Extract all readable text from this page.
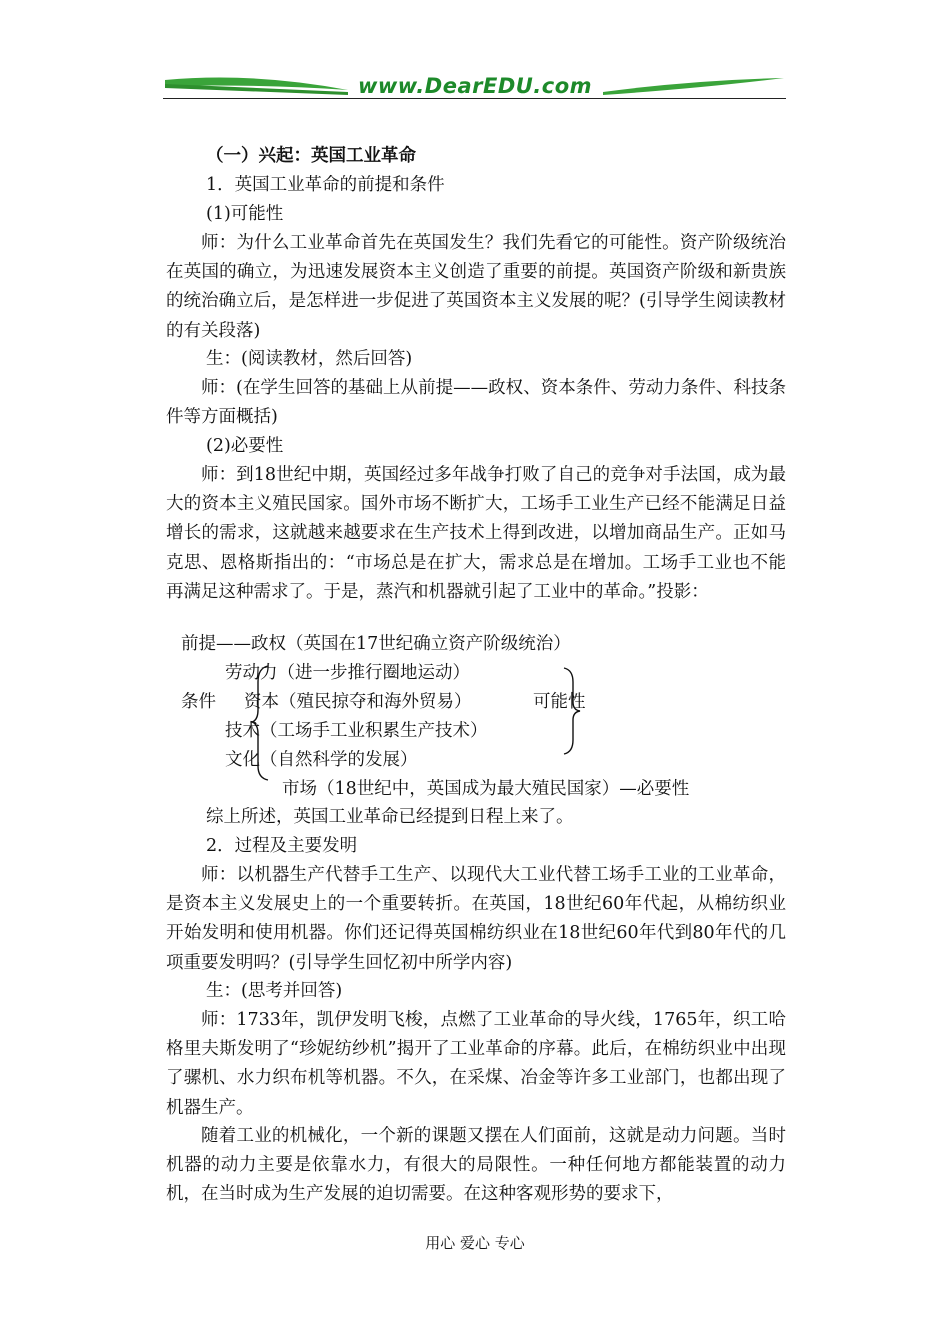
www.DearEDU.com
（一）兴起：英国工业革命
1．英国工业革命的前提和条件
(1)可能性
师：为什么工业革命首先在英国发生？我们先看它的可能性。资产阶级统治在英国的确立，为迅速发展资本主义创造了重要的前提。英国资产阶级和新贵族的统治确立后，是怎样进一步促进了英国资本主义发展的呢？(引导学生阅读教材的有关段落)
生：(阅读教材，然后回答)
师：(在学生回答的基础上从前提——政权、资本条件、劳动力条件、科技条件等方面概括)
(2)必要性
师：到18世纪中期，英国经过多年战争打败了自己的竞争对手法国，成为最大的资本主义殖民国家。国外市场不断扩大，工场手工业生产已经不能满足日益增长的需求，这就越来越要求在生产技术上得到改进，以增加商品生产。正如马克思、恩格斯指出的：“市场总是在扩大，需求总是在增加。工场手工业也不能再满足这种需求了。于是，蒸汽和机器就引起了工业中的革命。”投影：
前提——政权（英国在17世纪确立资产阶级统治）
劳动力（进一步推行圈地运动）
条件 资本（殖民掠夺和海外贸易）	可能性
技术（工场手工业积累生产技术）
文化（自然科学的发展）
市场（18世纪中，英国成为最大殖民国家）—必要性
综上所述，英国工业革命已经提到日程上来了。
2．过程及主要发明
师：以机器生产代替手工生产、以现代大工业代替工场手工业的工业革命，是资本主义发展史上的一个重要转折。在英国，18世纪60年代起，从棉纺织业开始发明和使用机器。你们还记得英国棉纺织业在18世纪60年代到80年代的几项重要发明吗？(引导学生回忆初中所学内容)
生：(思考并回答)
师：1733年，凯伊发明飞梭，点燃了工业革命的导火线，1765年，织工哈格里夫斯发明了“珍妮纺纱机”揭开了工业革命的序幕。此后，在棉纺织业中出现了骡机、水力织布机等机器。不久，在采煤、冶金等许多工业部门，也都出现了机器生产。
随着工业的机械化，一个新的课题又摆在人们面前，这就是动力问题。当时机器的动力主要是依靠水力，有很大的局限性。一种任何地方都能装置的动力机，在当时成为生产发展的迫切需要。在这种客观形势的要求下，
用心 爱心 专心
